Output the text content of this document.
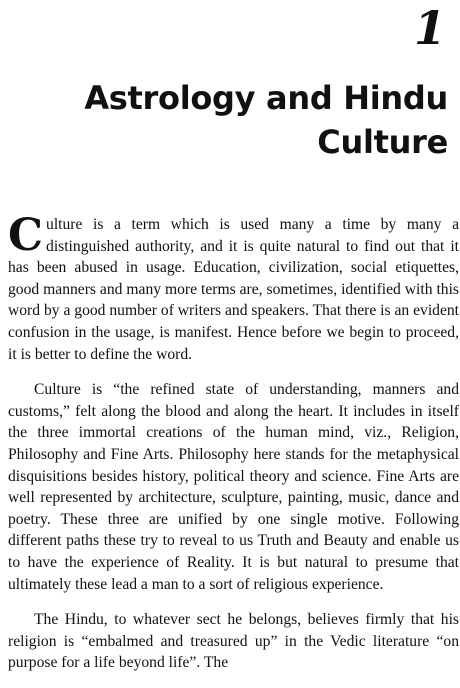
1
Astrology and Hindu
Culture

Culture is a term which is used many a time by many a distinguished authority, and it is quite natural to find out that it has been abused in usage. Education, civilization, social etiquettes, good manners and many more terms are, sometimes, identified with this word by a good number of writers and speakers. That there is an evident confusion in the usage, is manifest. Hence before we begin to proceed, it is better to define the word.

Culture is “the refined state of understanding, manners and customs,” felt along the blood and along the heart. It includes in itself the three immortal creations of the human mind, viz., Religion, Philosophy and Fine Arts. Philosophy here stands for the metaphysical disquisitions besides history, political theory and science. Fine Arts are well represented by architecture, sculpture, painting, music, dance and poetry. These three are unified by one single motive. Following different paths these try to reveal to us Truth and Beauty and enable us to have the experience of Reality. It is but natural to presume that ultimately these lead a man to a sort of religious experience.

The Hindu, to whatever sect he belongs, believes firmly that his religion is “embalmed and treasured up” in the Vedic literature “on purpose for a life beyond life”. The
